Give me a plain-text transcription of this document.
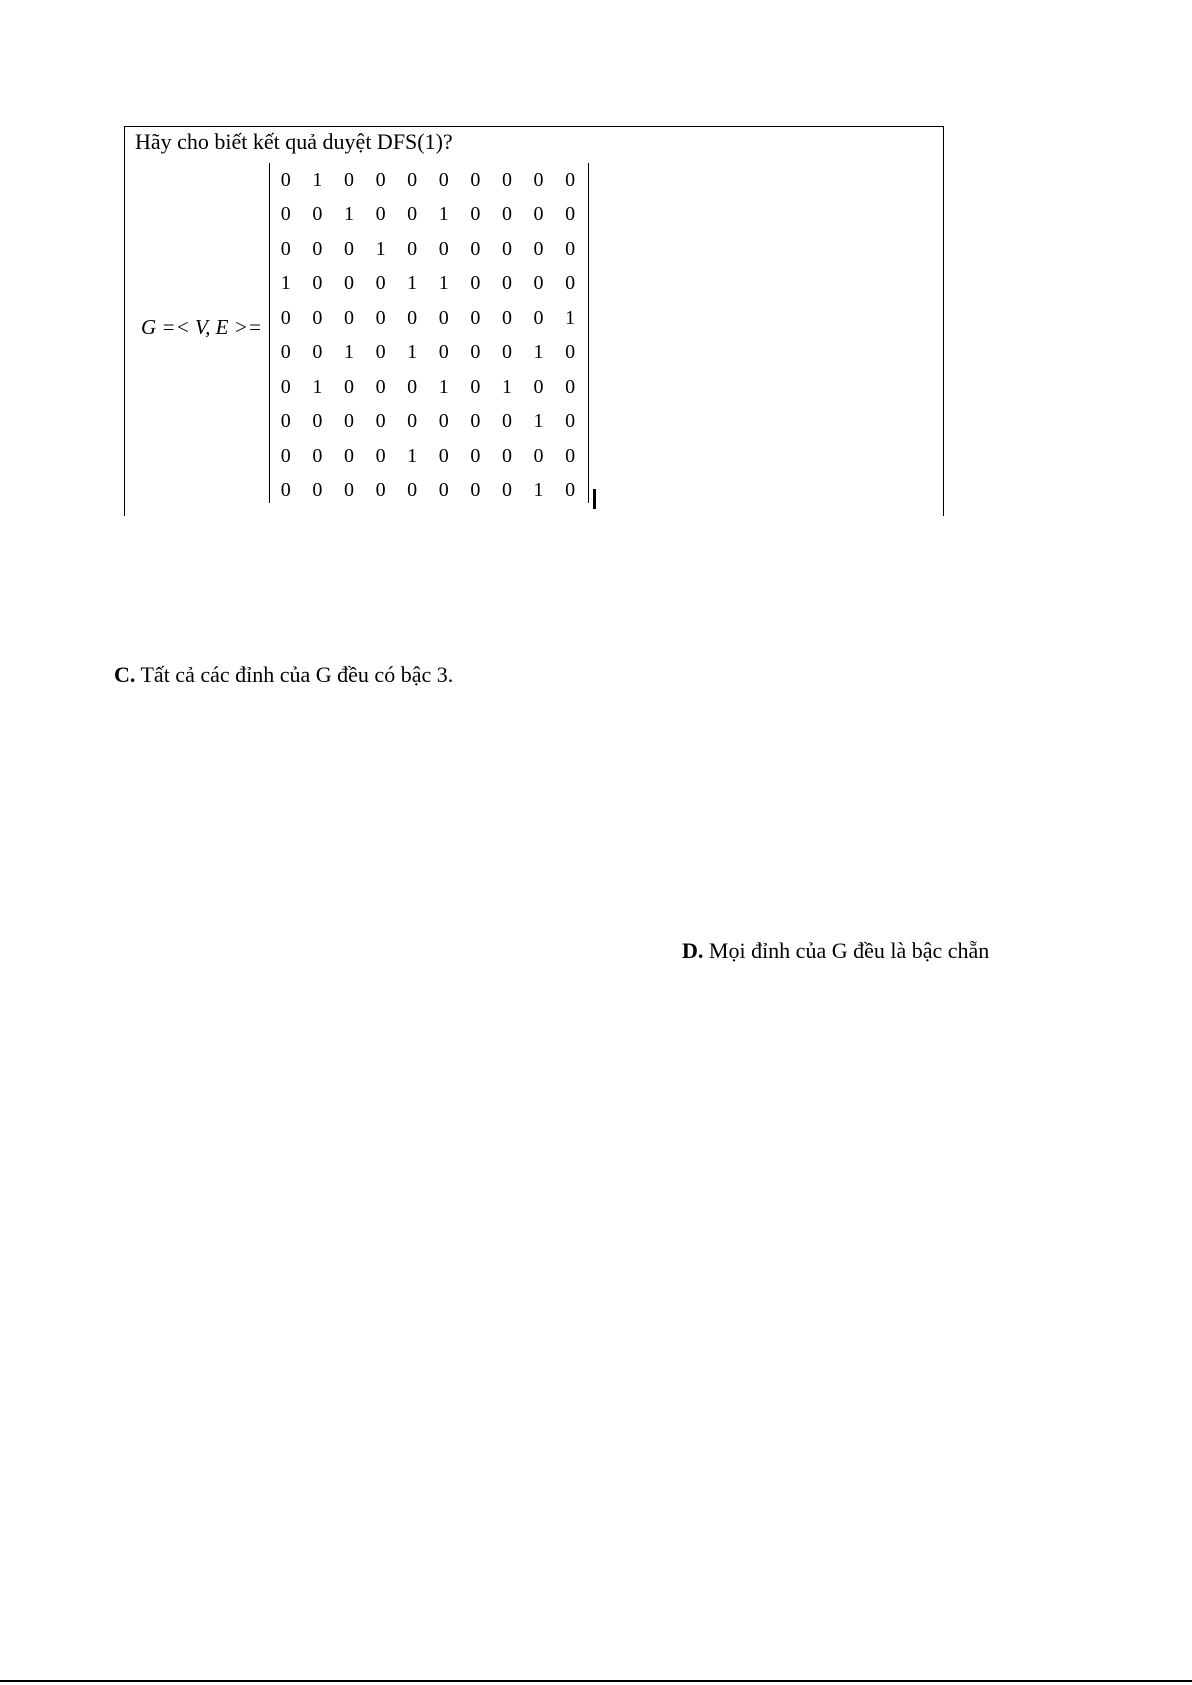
Hãy cho biết kết quả duyệt DFS(1)?
G =< V, E >=
0	1	0	0	0	0	0	0	0	0
0	0	1	0	0	1	0	0	0	0
0	0	0	1	0	0	0	0	0	0
1	0	0	0	1	1	0	0	0	0
0	0	0	0	0	0	0	0	0	1
0	0	1	0	1	0	0	0	1	0
0	1	0	0	0	1	0	1	0	0
0	0	0	0	0	0	0	0	1	0
0	0	0	0	1	0	0	0	0	0
0	0	0	0	0	0	0	0	1	0
C. Tất cả các đỉnh của G đều có bậc 3.
D. Mọi đỉnh của G đều là bậc chẵn
